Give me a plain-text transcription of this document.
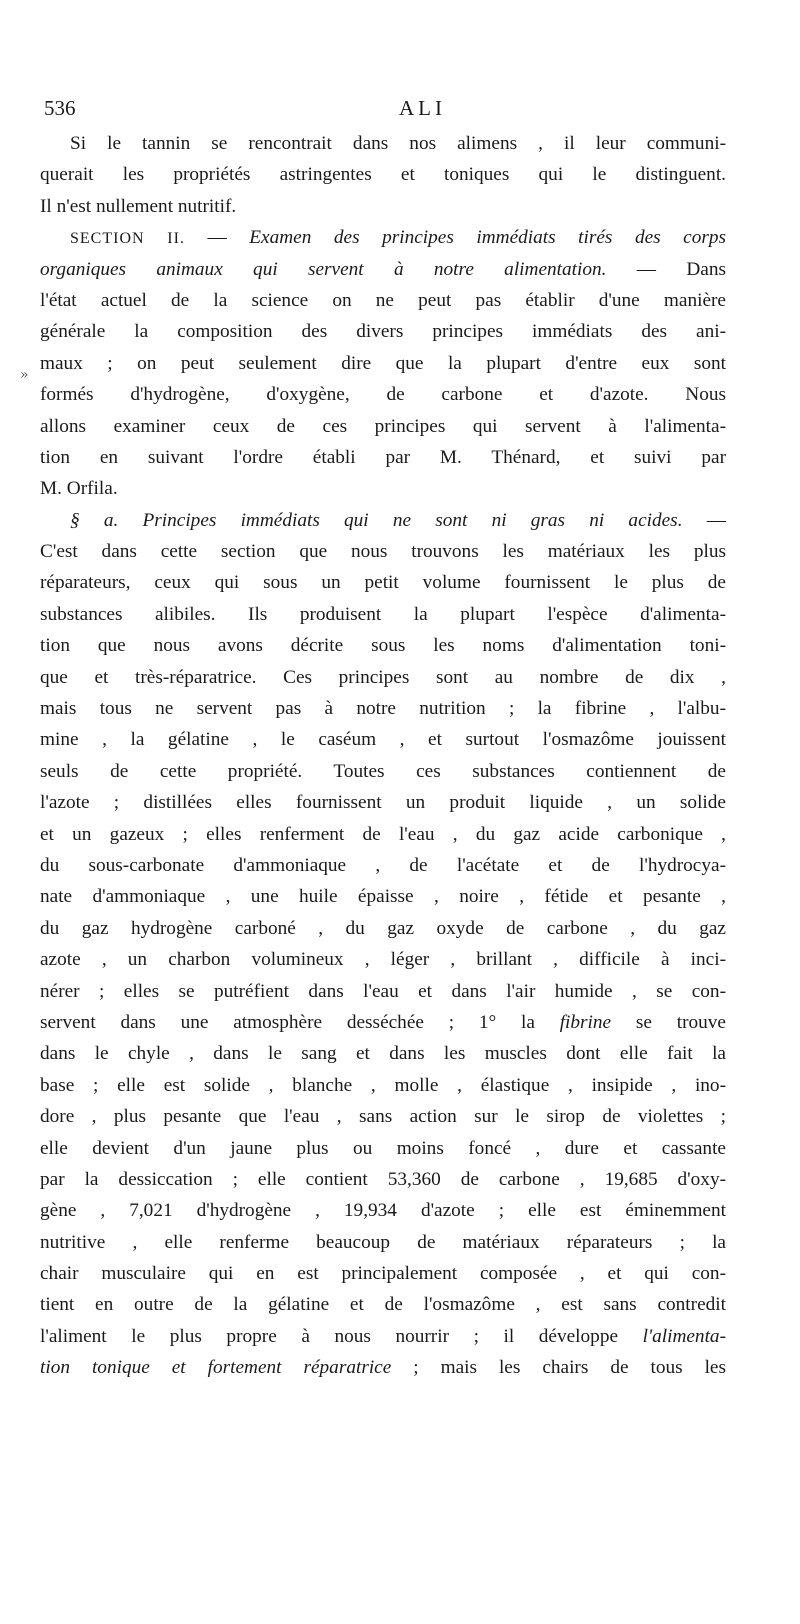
536	ALI
»
Si le tannin se rencontrait dans nos alimens , il leur communi-
querait les propriétés astringentes et toniques qui le distinguent.
Il n'est nullement nutritif.
SECTION II. — Examen des principes immédiats tirés des corps
organiques animaux qui servent à notre alimentation. — Dans
l'état actuel de la science on ne peut pas établir d'une manière
générale la composition des divers principes immédiats des ani-
maux ; on peut seulement dire que la plupart d'entre eux sont
formés d'hydrogène, d'oxygène, de carbone et d'azote. Nous
allons examiner ceux de ces principes qui servent à l'alimenta-
tion en suivant l'ordre établi par M. Thénard, et suivi par
M. Orfila.
§ a. Principes immédiats qui ne sont ni gras ni acides. —
C'est dans cette section que nous trouvons les matériaux les plus
réparateurs, ceux qui sous un petit volume fournissent le plus de
substances alibiles. Ils produisent la plupart l'espèce d'alimenta-
tion que nous avons décrite sous les noms d'alimentation toni-
que et très-réparatrice. Ces principes sont au nombre de dix ,
mais tous ne servent pas à notre nutrition ; la fibrine , l'albu-
mine , la gélatine , le caséum , et surtout l'osmazôme jouissent
seuls de cette propriété. Toutes ces substances contiennent de
l'azote ; distillées elles fournissent un produit liquide , un solide
et un gazeux ; elles renferment de l'eau , du gaz acide carbonique ,
du sous-carbonate d'ammoniaque , de l'acétate et de l'hydrocya-
nate d'ammoniaque , une huile épaisse , noire , fétide et pesante ,
du gaz hydrogène carboné , du gaz oxyde de carbone , du gaz
azote , un charbon volumineux , léger , brillant , difficile à inci-
nérer ; elles se putréfient dans l'eau et dans l'air humide , se con-
servent dans une atmosphère desséchée ; 1° la fibrine se trouve
dans le chyle , dans le sang et dans les muscles dont elle fait la
base ; elle est solide , blanche , molle , élastique , insipide , ino-
dore , plus pesante que l'eau , sans action sur le sirop de violettes ;
elle devient d'un jaune plus ou moins foncé , dure et cassante
par la dessiccation ; elle contient 53,360 de carbone , 19,685 d'oxy-
gène , 7,021 d'hydrogène , 19,934 d'azote ; elle est éminemment
nutritive , elle renferme beaucoup de matériaux réparateurs ; la
chair musculaire qui en est principalement composée , et qui con-
tient en outre de la gélatine et de l'osmazôme , est sans contredit
l'aliment le plus propre à nous nourrir ; il développe l'alimenta-
tion tonique et fortement réparatrice ; mais les chairs de tous les
